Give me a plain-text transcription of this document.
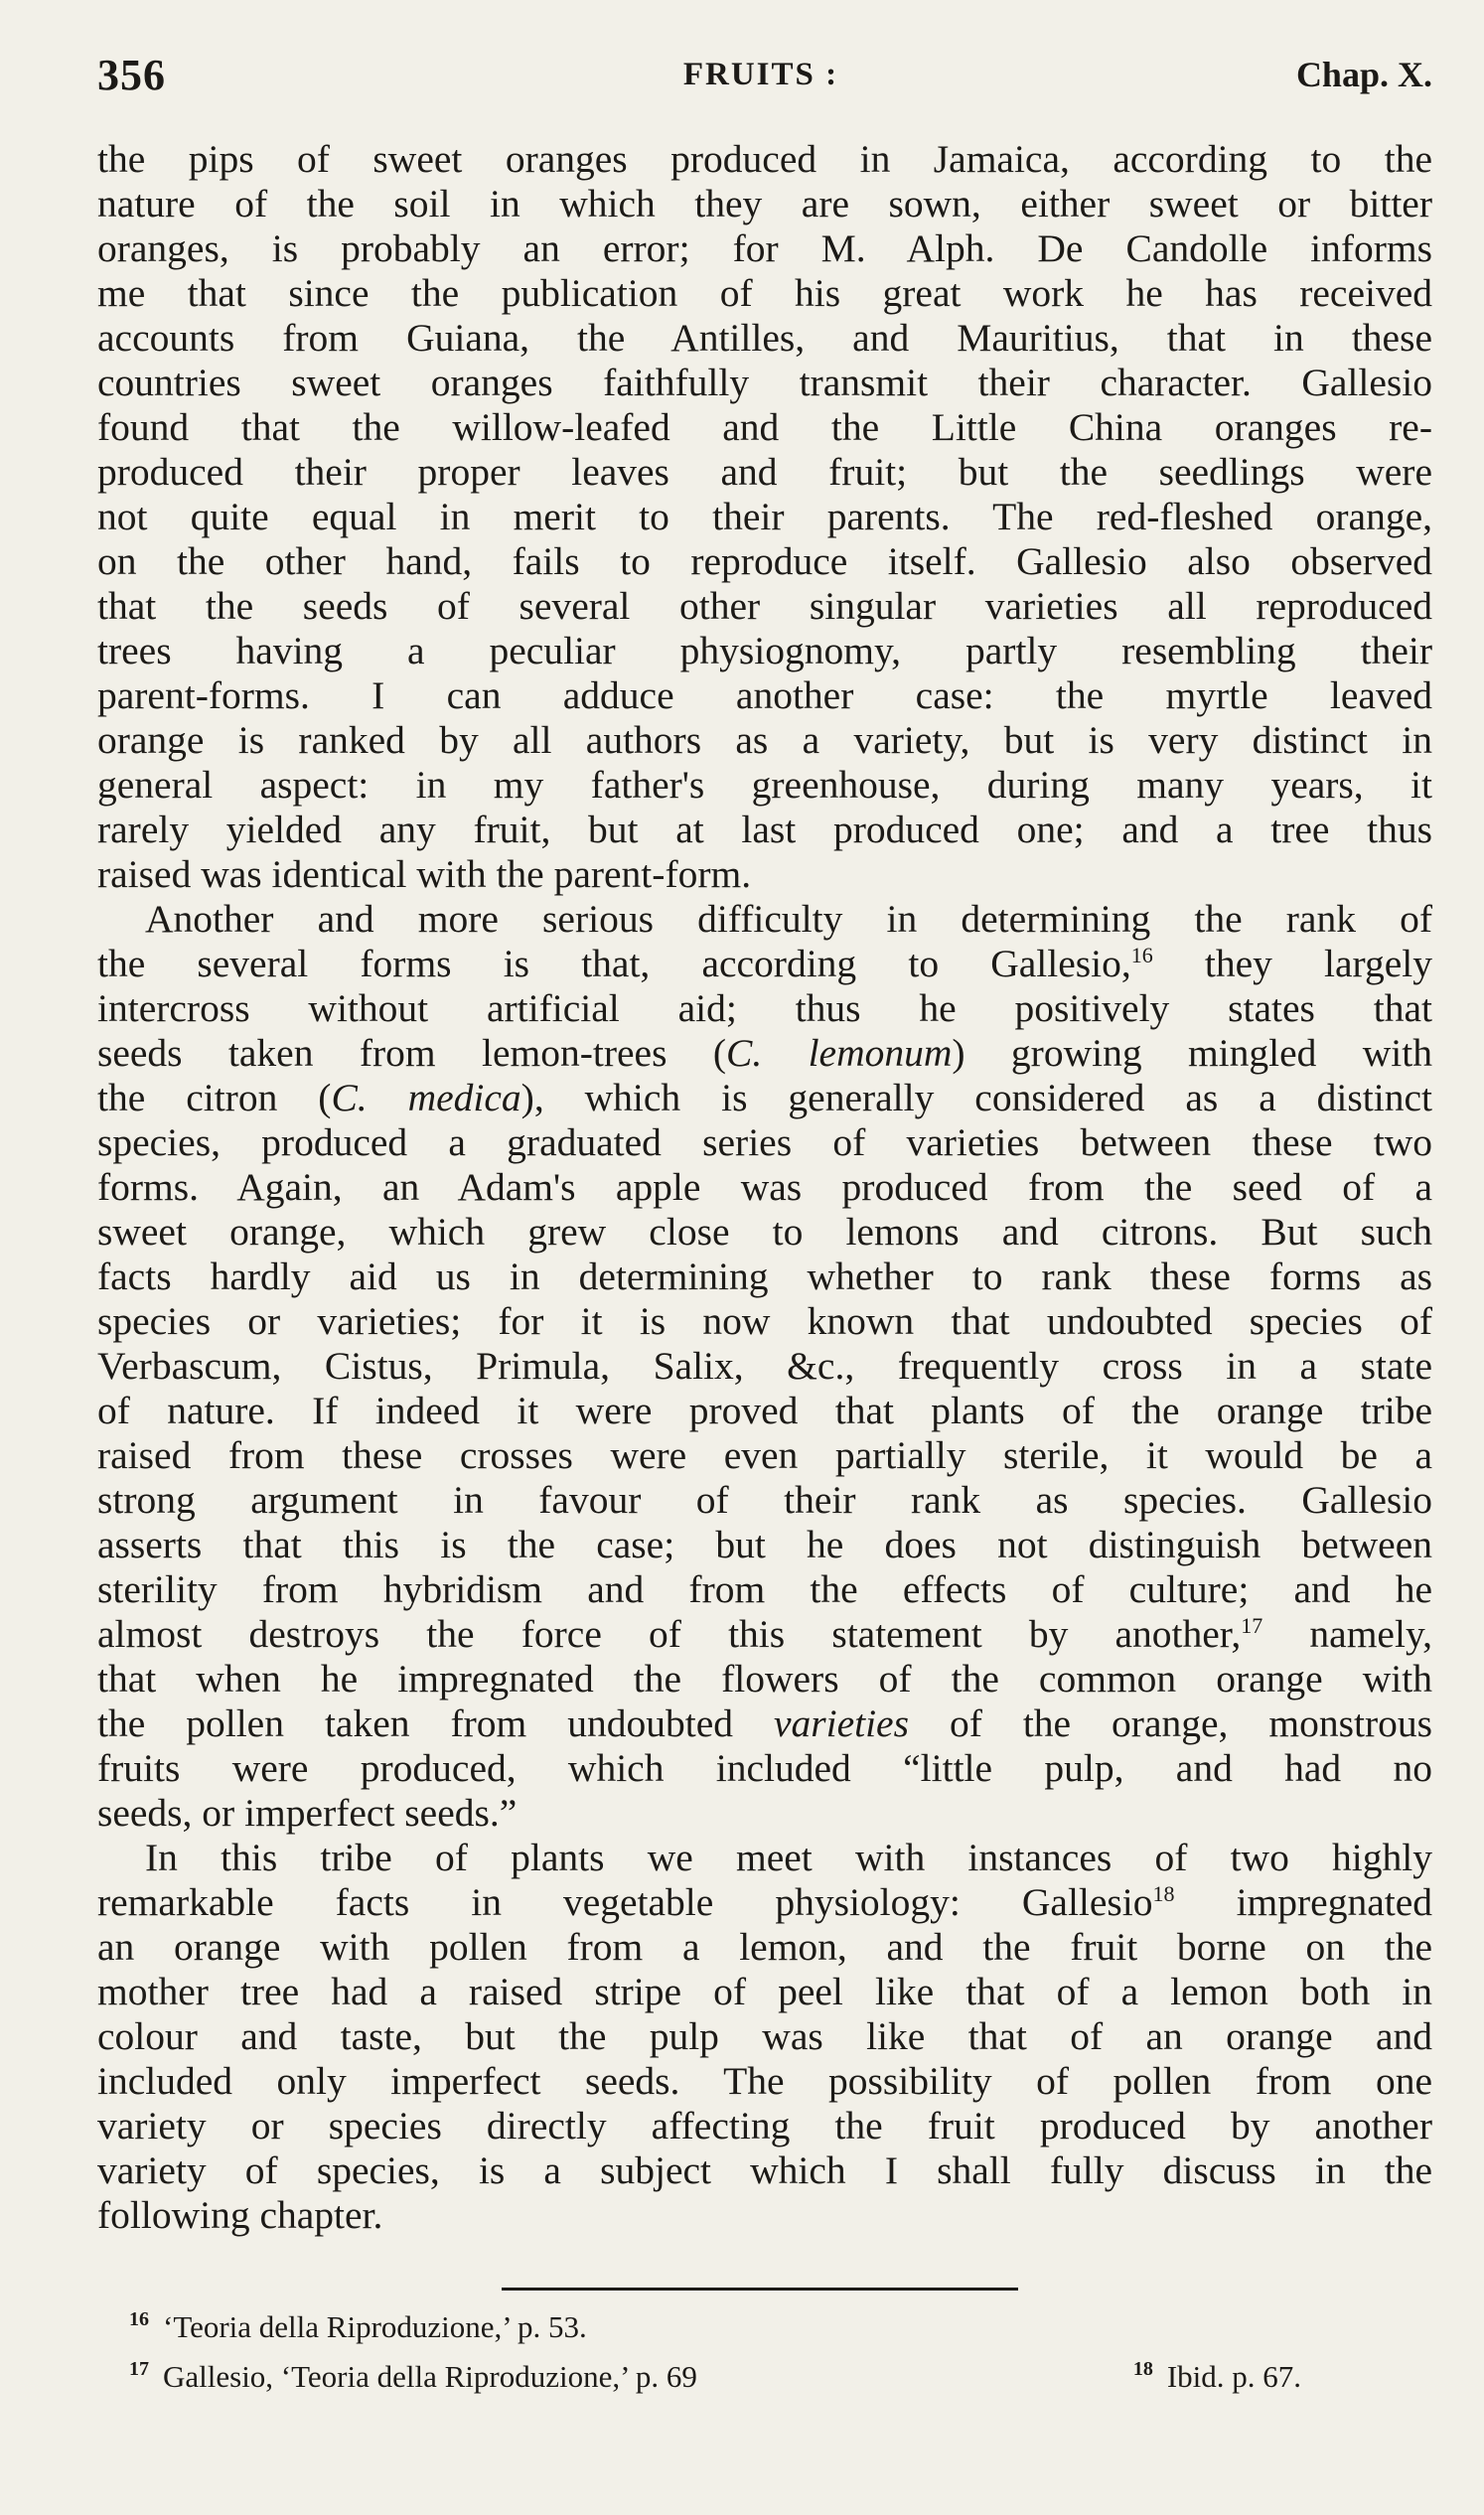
356	FRUITS :	Chap. X.
the pips of sweet oranges produced in Jamaica, according to the
nature of the soil in which they are sown, either sweet or bitter
oranges, is probably an error; for M. Alph. De Candolle informs
me that since the publication of his great work he has received
accounts from Guiana, the Antilles, and Mauritius, that in these
countries sweet oranges faithfully transmit their character. Gallesio
found that the willow-leafed and the Little China oranges re-
produced their proper leaves and fruit; but the seedlings were
not quite equal in merit to their parents. The red-fleshed orange,
on the other hand, fails to reproduce itself. Gallesio also observed
that the seeds of several other singular varieties all reproduced
trees having a peculiar physiognomy, partly resembling their
parent-forms. I can adduce another case: the myrtle leaved
orange is ranked by all authors as a variety, but is very distinct in
general aspect: in my father's greenhouse, during many years, it
rarely yielded any fruit, but at last produced one; and a tree thus
raised was identical with the parent-form.
Another and more serious difficulty in determining the rank of
the several forms is that, according to Gallesio,$^{16}$ they largely
intercross without artificial aid; thus he positively states that
seeds taken from lemon-trees (C. lemonum) growing mingled with
the citron (C. medica), which is generally considered as a distinct
species, produced a graduated series of varieties between these two
forms. Again, an Adam's apple was produced from the seed of a
sweet orange, which grew close to lemons and citrons. But such
facts hardly aid us in determining whether to rank these forms as
species or varieties; for it is now known that undoubted species of
Verbascum, Cistus, Primula, Salix, &c., frequently cross in a state
of nature. If indeed it were proved that plants of the orange tribe
raised from these crosses were even partially sterile, it would be a
strong argument in favour of their rank as species. Gallesio
asserts that this is the case; but he does not distinguish between
sterility from hybridism and from the effects of culture; and he
almost destroys the force of this statement by another,$^{17}$ namely,
that when he impregnated the flowers of the common orange with
the pollen taken from undoubted varieties of the orange, monstrous
fruits were produced, which included “little pulp, and had no
seeds, or imperfect seeds.”
In this tribe of plants we meet with instances of two highly
remarkable facts in vegetable physiology: Gallesio$^{18}$ impregnated
an orange with pollen from a lemon, and the fruit borne on the
mother tree had a raised stripe of peel like that of a lemon both in
colour and taste, but the pulp was like that of an orange and
included only imperfect seeds. The possibility of pollen from one
variety or species directly affecting the fruit produced by another
variety of species, is a subject which I shall fully discuss in the
following chapter.
16 ‘Teoria della Riproduzione,’ p. 53.
17 Gallesio, ‘Teoria della Riproduzione,’ p. 69	18 Ibid. p. 67.
